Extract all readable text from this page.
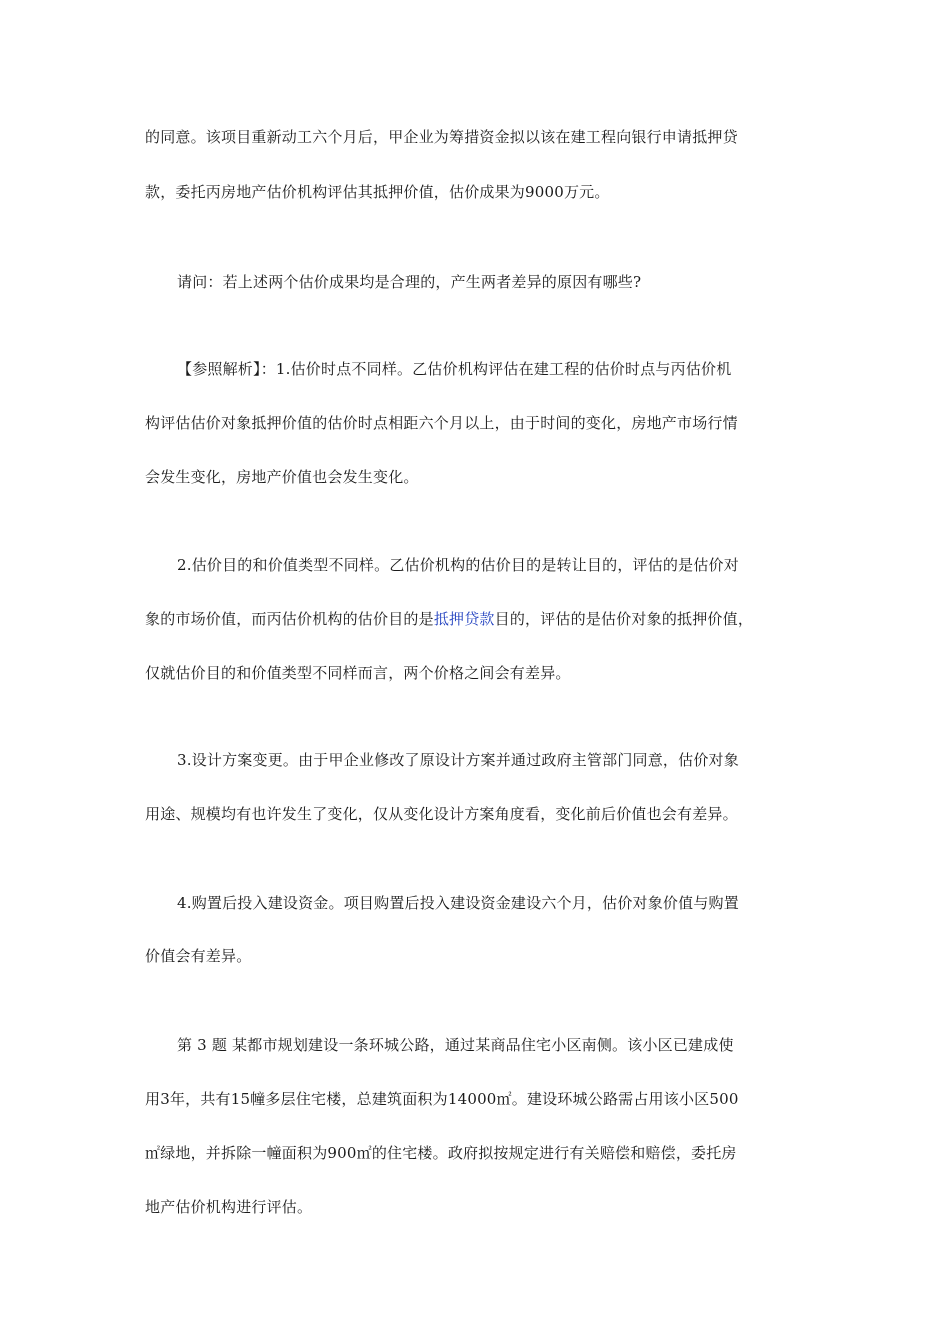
的同意。该项目重新动工六个月后，甲企业为筹措资金拟以该在建工程向银行申请抵押贷
款，委托丙房地产估价机构评估其抵押价值，估价成果为9000万元。
请问：若上述两个估价成果均是合理的，产生两者差异的原因有哪些?
【参照解析】：1.估价时点不同样。乙估价机构评估在建工程的估价时点与丙估价机
构评估估价对象抵押价值的估价时点相距六个月以上，由于时间的变化，房地产市场行情
会发生变化，房地产价值也会发生变化。
2.估价目的和价值类型不同样。乙估价机构的估价目的是转让目的，评估的是估价对
象的市场价值，而丙估价机构的估价目的是抵押贷款目的，评估的是估价对象的抵押价值，
仅就估价目的和价值类型不同样而言，两个价格之间会有差异。
3.设计方案变更。由于甲企业修改了原设计方案并通过政府主管部门同意，估价对象
用途、规模均有也许发生了变化，仅从变化设计方案角度看，变化前后价值也会有差异。
4.购置后投入建设资金。项目购置后投入建设资金建设六个月，估价对象价值与购置
价值会有差异。
第 3 题 某都市规划建设一条环城公路，通过某商品住宅小区南侧。该小区已建成使
用3年，共有15幢多层住宅楼，总建筑面积为14000㎡。建设环城公路需占用该小区500
㎡绿地，并拆除一幢面积为900㎡的住宅楼。政府拟按规定进行有关赔偿和赔偿，委托房
地产估价机构进行评估。
